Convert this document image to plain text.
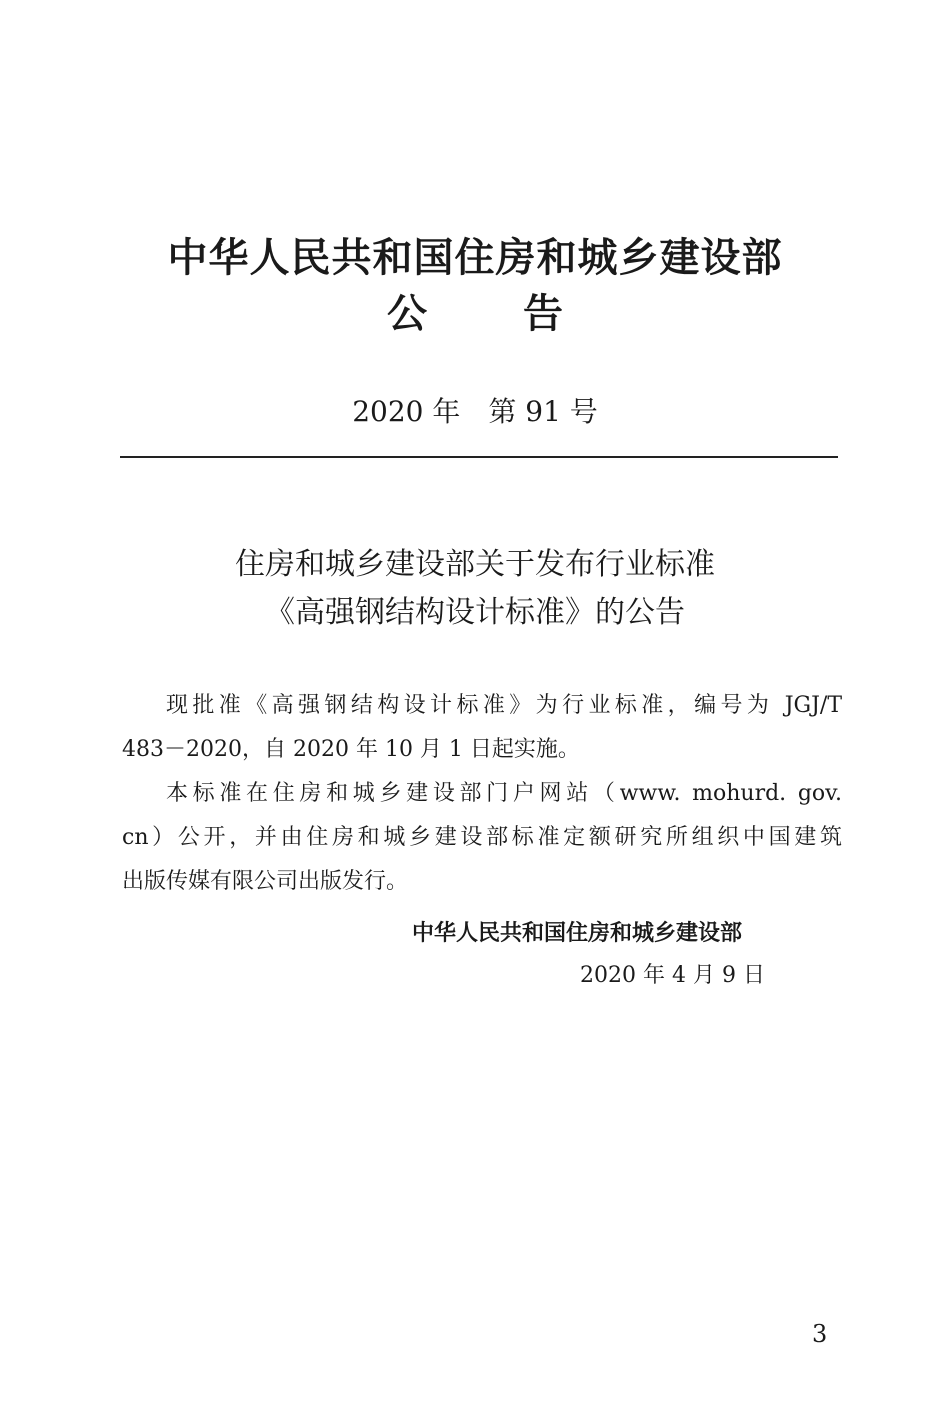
中华人民共和国住房和城乡建设部
公告
2020 年　第 91 号
住房和城乡建设部关于发布行业标准
《高强钢结构设计标准》的公告
现批准《高强钢结构设计标准》为行业标准，编号为 JGJ/T
483－2020，自 2020 年 10 月 1 日起实施。
本标准在住房和城乡建设部门户网站（www. mohurd. gov.
cn）公开，并由住房和城乡建设部标准定额研究所组织中国建筑
出版传媒有限公司出版发行。
中华人民共和国住房和城乡建设部
2020 年 4 月 9 日
3
